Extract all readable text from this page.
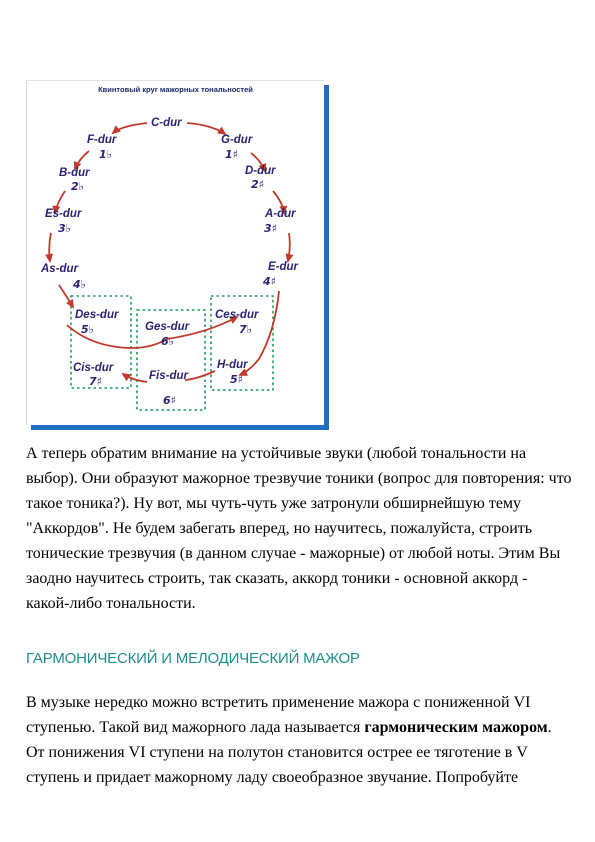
Квинтовый круг мажорных тональностей
C-dur
G-dur
1♯
D-dur
2♯
A-dur
3♯
E-dur
4♯
Ces-dur
7♭
H-dur
5♯
Ges-dur
6♭
Fis-dur
6♯
Des-dur
5♭
Cis-dur
7♯
As-dur
4♭
Es-dur
3♭
B-dur
2♭
F-dur
1♭
А теперь обратим внимание на устойчивые звуки (любой тональности на выбор). Они образуют мажорное трезвучие тоники (вопрос для повторения: что такое тоника?). Ну вот, мы чуть-чуть уже затронули обширнейшую тему "Аккордов". Не будем забегать вперед, но научитесь, пожалуйста, строить тонические трезвучия (в данном случае - мажорные) от любой ноты. Этим Вы заодно научитесь строить, так сказать, аккорд тоники - основной аккорд - какой-либо тональности.
ГАРМОНИЧЕСКИЙ И МЕЛОДИЧЕСКИЙ МАЖОР
В музыке нередко можно встретить применение мажора с пониженной VI ступенью. Такой вид мажорного лада называется гармоническим мажором. От понижения VI ступени на полутон становится острее ее тяготение в V ступень и придает мажорному ладу своеобразное звучание. Попробуйте
